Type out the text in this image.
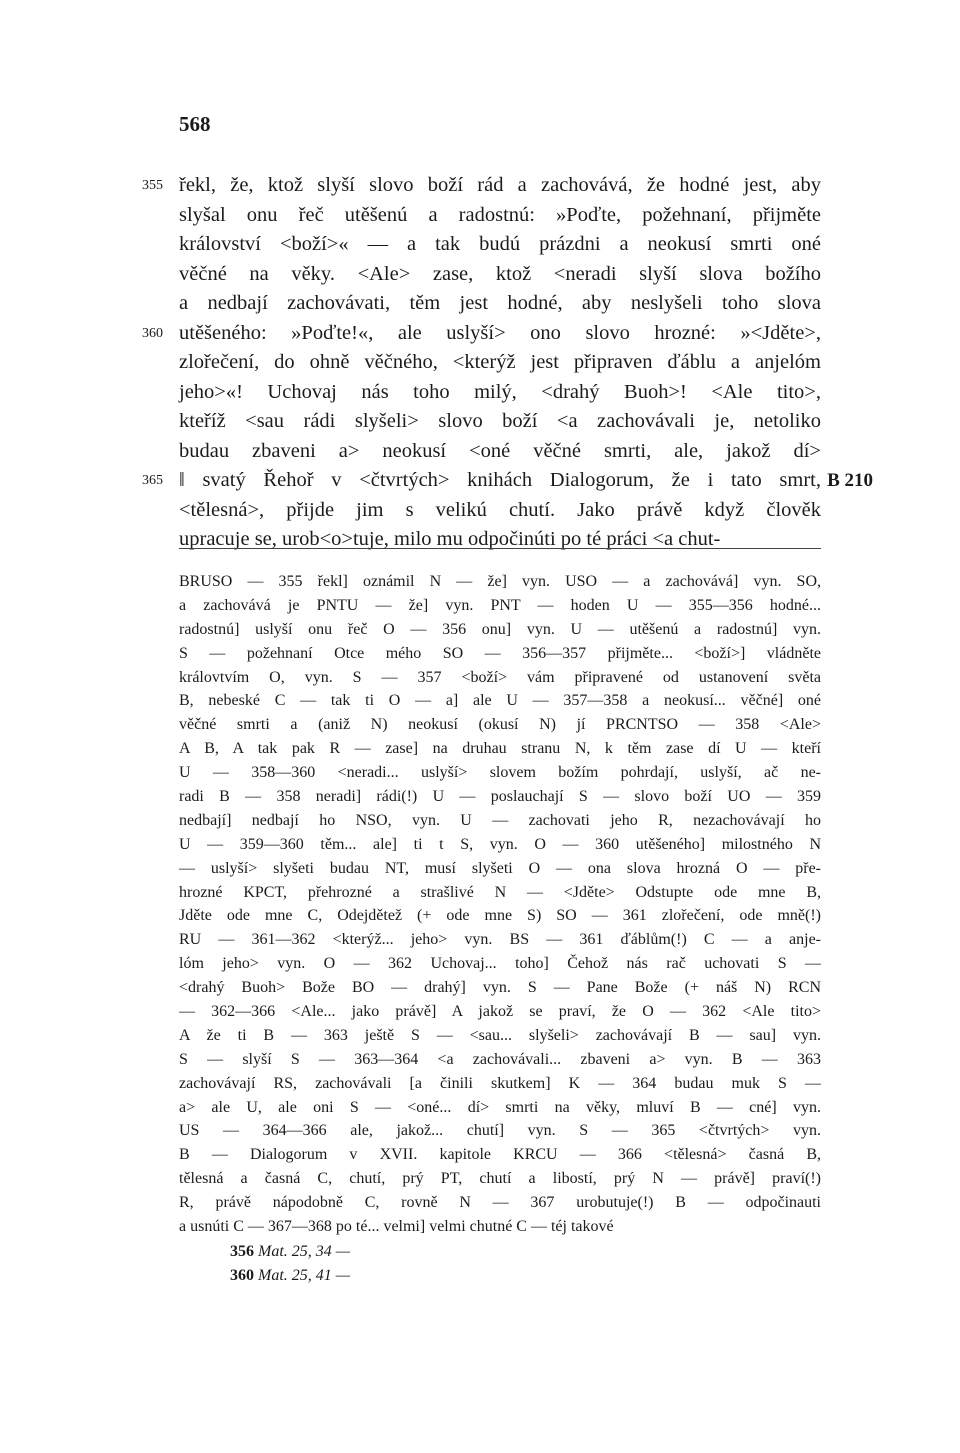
568
355 řekl, že, ktož slyší slovo boží rád a zachovává, že hodné jest, aby
slyšal onu řeč utěšenú a radostnú: »Poďte, požehnaní, přijměte
království <boží>« — a tak budú prázdni a neokusí smrti oné
věčné na věky. <Ale> zase, ktož <neradi slyší slova božího
a nedbají zachovávati, těm jest hodné, aby neslyšeli toho slova
360 utěšeného: »Poďte!«, ale uslyší> ono slovo hrozné: »<Jděte>,
zlořečení, do ohně věčného, <kterýž jest připraven ďáblu a anjelóm
jeho>«! Uchovaj nás toho milý, <drahý Buoh>! <Ale tito>,
kteříž <sau rádi slyšeli> slovo boží <a zachovávali je, netoliko
budau zbaveni a> neokusí <oné věčné smrti, ale, jakož dí>
365 ‖ svatý Řehoř v <čtvrtých> knihách Dialogorum, že i tato smrt, B 210
<tělesná>, přijde jim s velikú chutí. Jako právě když člověk
upracuje se, urob<o>tuje, milo mu odpočinúti po té práci <a chut-
BRUSO — 355 řekl] oznámil N — že] vyn. USO — a zachovává] vyn. SO,
a zachovává je PNTU — že] vyn. PNT — hoden U — 355—356 hodné...
radostnú] uslyší onu řeč O — 356 onu] vyn. U — utěšenú a radostnú] vyn.
S — požehnaní Otce mého SO — 356—357 přijměte... <boží>] vládněte
královtvím O, vyn. S — 357 <boží> vám připravené od ustanovení světa
B, nebeské C — tak ti O — a] ale U — 357—358 a neokusí... věčné] oné
věčné smrti a (aniž N) neokusí (okusí N) jí PRCNTSO — 358 <Ale>
A B, A tak pak R — zase] na druhau stranu N, k těm zase dí U — kteří
U — 358—360 <neradi... uslyší> slovem božím pohrdají, uslyší, ač ne-
radi B — 358 neradi] rádi(!) U — poslauchají S — slovo boží UO — 359
nedbají] nedbají ho NSO, vyn. U — zachovati jeho R, nezachovávají ho
U — 359—360 těm... ale] ti t S, vyn. O — 360 utěšeného] milostného N
— uslyší> slyšeti budau NT, musí slyšeti O — ona slova hrozná O — pře-
hrozné KPCT, přehrozné a strašlivé N — <Jděte> Odstupte ode mne B,
Jděte ode mne C, Odejdětež (+ ode mne S) SO — 361 zlořečení, ode mně(!)
RU — 361—362 <kterýž... jeho> vyn. BS — 361 ďáblům(!) C — a anje-
lóm jeho> vyn. O — 362 Uchovaj... toho] Čehož nás rač uchovati S —
<drahý Buoh> Bože BO — drahý] vyn. S — Pane Bože (+ náš N) RCN
— 362—366 <Ale... jako právě] A jakož se praví, že O — 362 <Ale tito>
A že ti B — 363 ještě S — <sau... slyšeli> zachovávají B — sau] vyn.
S — slyší S — 363—364 <a zachovávali... zbaveni a> vyn. B — 363
zachovávají RS, zachovávali [a činili skutkem] K — 364 budau muk S —
a> ale U, ale oni S — <oné... dí> smrti na věky, mluví B — cné] vyn.
US — 364—366 ale, jakož... chutí] vyn. S — 365 <čtvrtých> vyn.
B — Dialogorum v XVII. kapitole KRCU — 366 <tělesná> časná B,
tělesná a časná C, chutí, prý PT, chutí a libostí, prý N — právě] praví(!)
R, právě nápodobně C, rovně N — 367 urobutuje(!) B — odpočinauti
a usnúti C — 367—368 po té... velmi] velmi chutné C — téj takové
356 Mat. 25, 34 —
360 Mat. 25, 41 —
